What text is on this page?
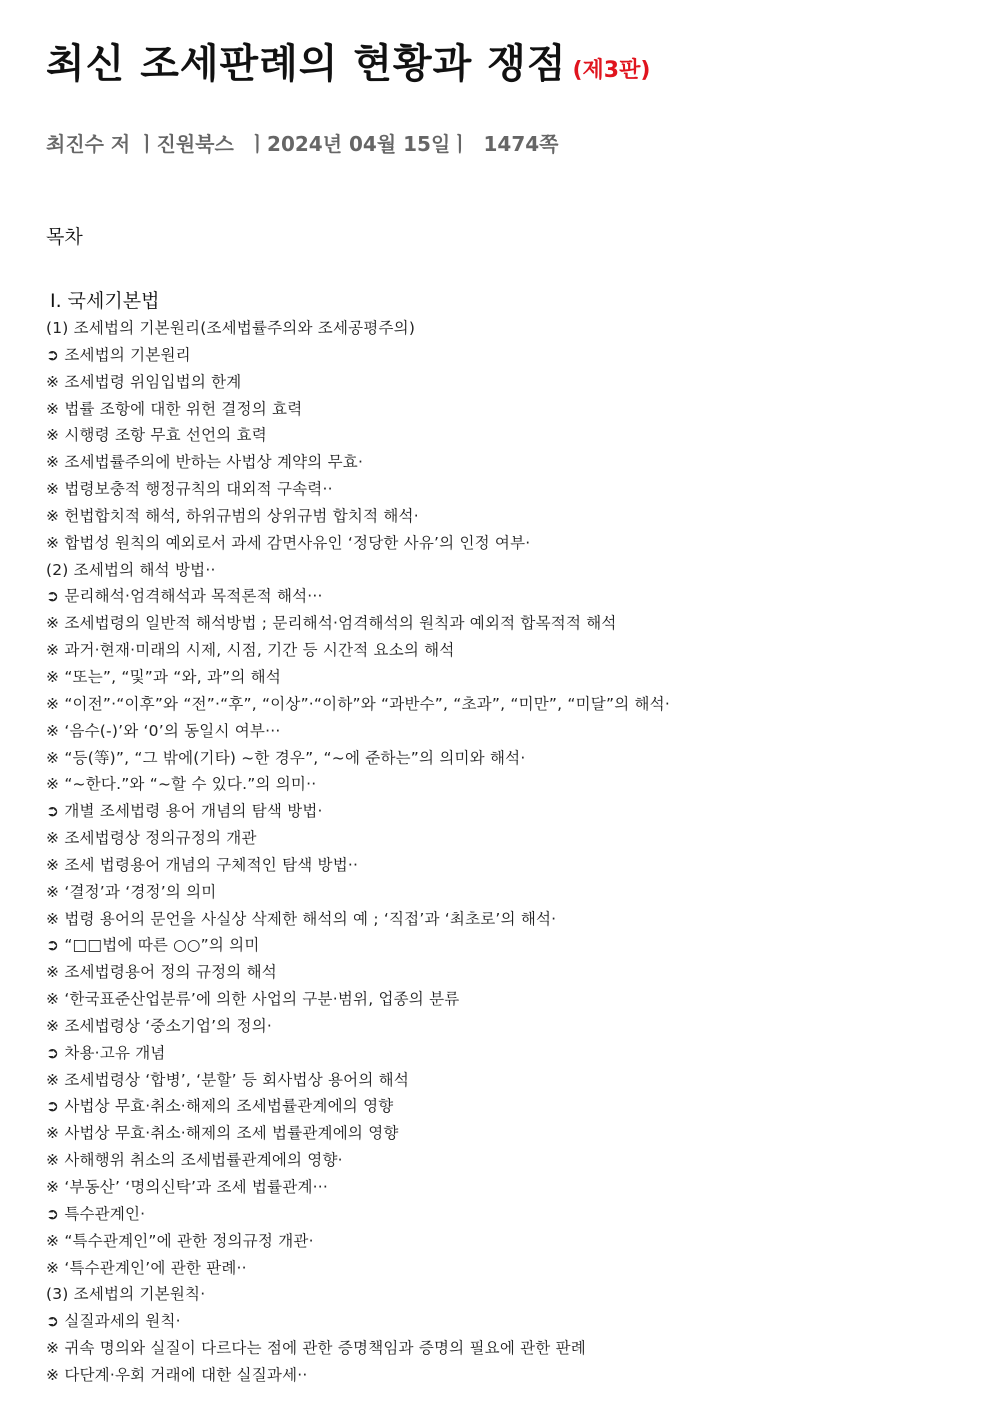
최신 조세판례의 현황과 쟁점 (제3판)
최진수 저 ㅣ진원북스  ㅣ2024년 04월 15일ㅣ  1474쪽
목차
Ⅰ. 국세기본법
(1) 조세법의 기본원리(조세법률주의와 조세공평주의)
➲ 조세법의 기본원리
※ 조세법령 위임입법의 한계
※ 법률 조항에 대한 위헌 결정의 효력
※ 시행령 조항 무효 선언의 효력
※ 조세법률주의에 반하는 사법상 계약의 무효·
※ 법령보충적 행정규칙의 대외적 구속력··
※ 헌법합치적 해석, 하위규범의 상위규범 합치적 해석·
※ 합법성 원칙의 예외로서 과세 감면사유인 ‘정당한 사유’의 인정 여부·
(2) 조세법의 해석 방법··
➲ 문리해석·엄격해석과 목적론적 해석···
※ 조세법령의 일반적 해석방법 ; 문리해석·엄격해석의 원칙과 예외적 합목적적 해석
※ 과거·현재·미래의 시제, 시점, 기간 등 시간적 요소의 해석
※ “또는”, “및”과 “와, 과”의 해석
※ “이전”·“이후”와 “전”·“후”, “이상”·“이하”와 “과반수”, “초과”, “미만”, “미달”의 해석·
※ ‘음수(-)’와 ‘0’의 동일시 여부···
※ “등(等)”, “그 밖에(기타) ~한 경우”, “~에 준하는”의 의미와 해석·
※ “~한다.”와 “~할 수 있다.”의 의미··
➲ 개별 조세법령 용어 개념의 탐색 방법·
※ 조세법령상 정의규정의 개관
※ 조세 법령용어 개념의 구체적인 탐색 방법··
※ ‘결정’과 ‘경정’의 의미
※ 법령 용어의 문언을 사실상 삭제한 해석의 예 ; ‘직접’과 ‘최초로’의 해석·
➲ “□□법에 따른 ○○”의 의미
※ 조세법령용어 정의 규정의 해석
※ ‘한국표준산업분류’에 의한 사업의 구분·범위, 업종의 분류
※ 조세법령상 ‘중소기업’의 정의·
➲ 차용·고유 개념
※ 조세법령상 ‘합병’, ‘분할’ 등 회사법상 용어의 해석
➲ 사법상 무효·취소·해제의 조세법률관계에의 영향
※ 사법상 무효·취소·해제의 조세 법률관계에의 영향
※ 사해행위 취소의 조세법률관계에의 영향·
※ ‘부동산’ ‘명의신탁’과 조세 법률관계···
➲ 특수관계인·
※ “특수관계인”에 관한 정의규정 개관·
※ ‘특수관계인’에 관한 판례··
(3) 조세법의 기본원칙·
➲ 실질과세의 원칙·
※ 귀속 명의와 실질이 다르다는 점에 관한 증명책임과 증명의 필요에 관한 판례
※ 다단계·우회 거래에 대한 실질과세··
